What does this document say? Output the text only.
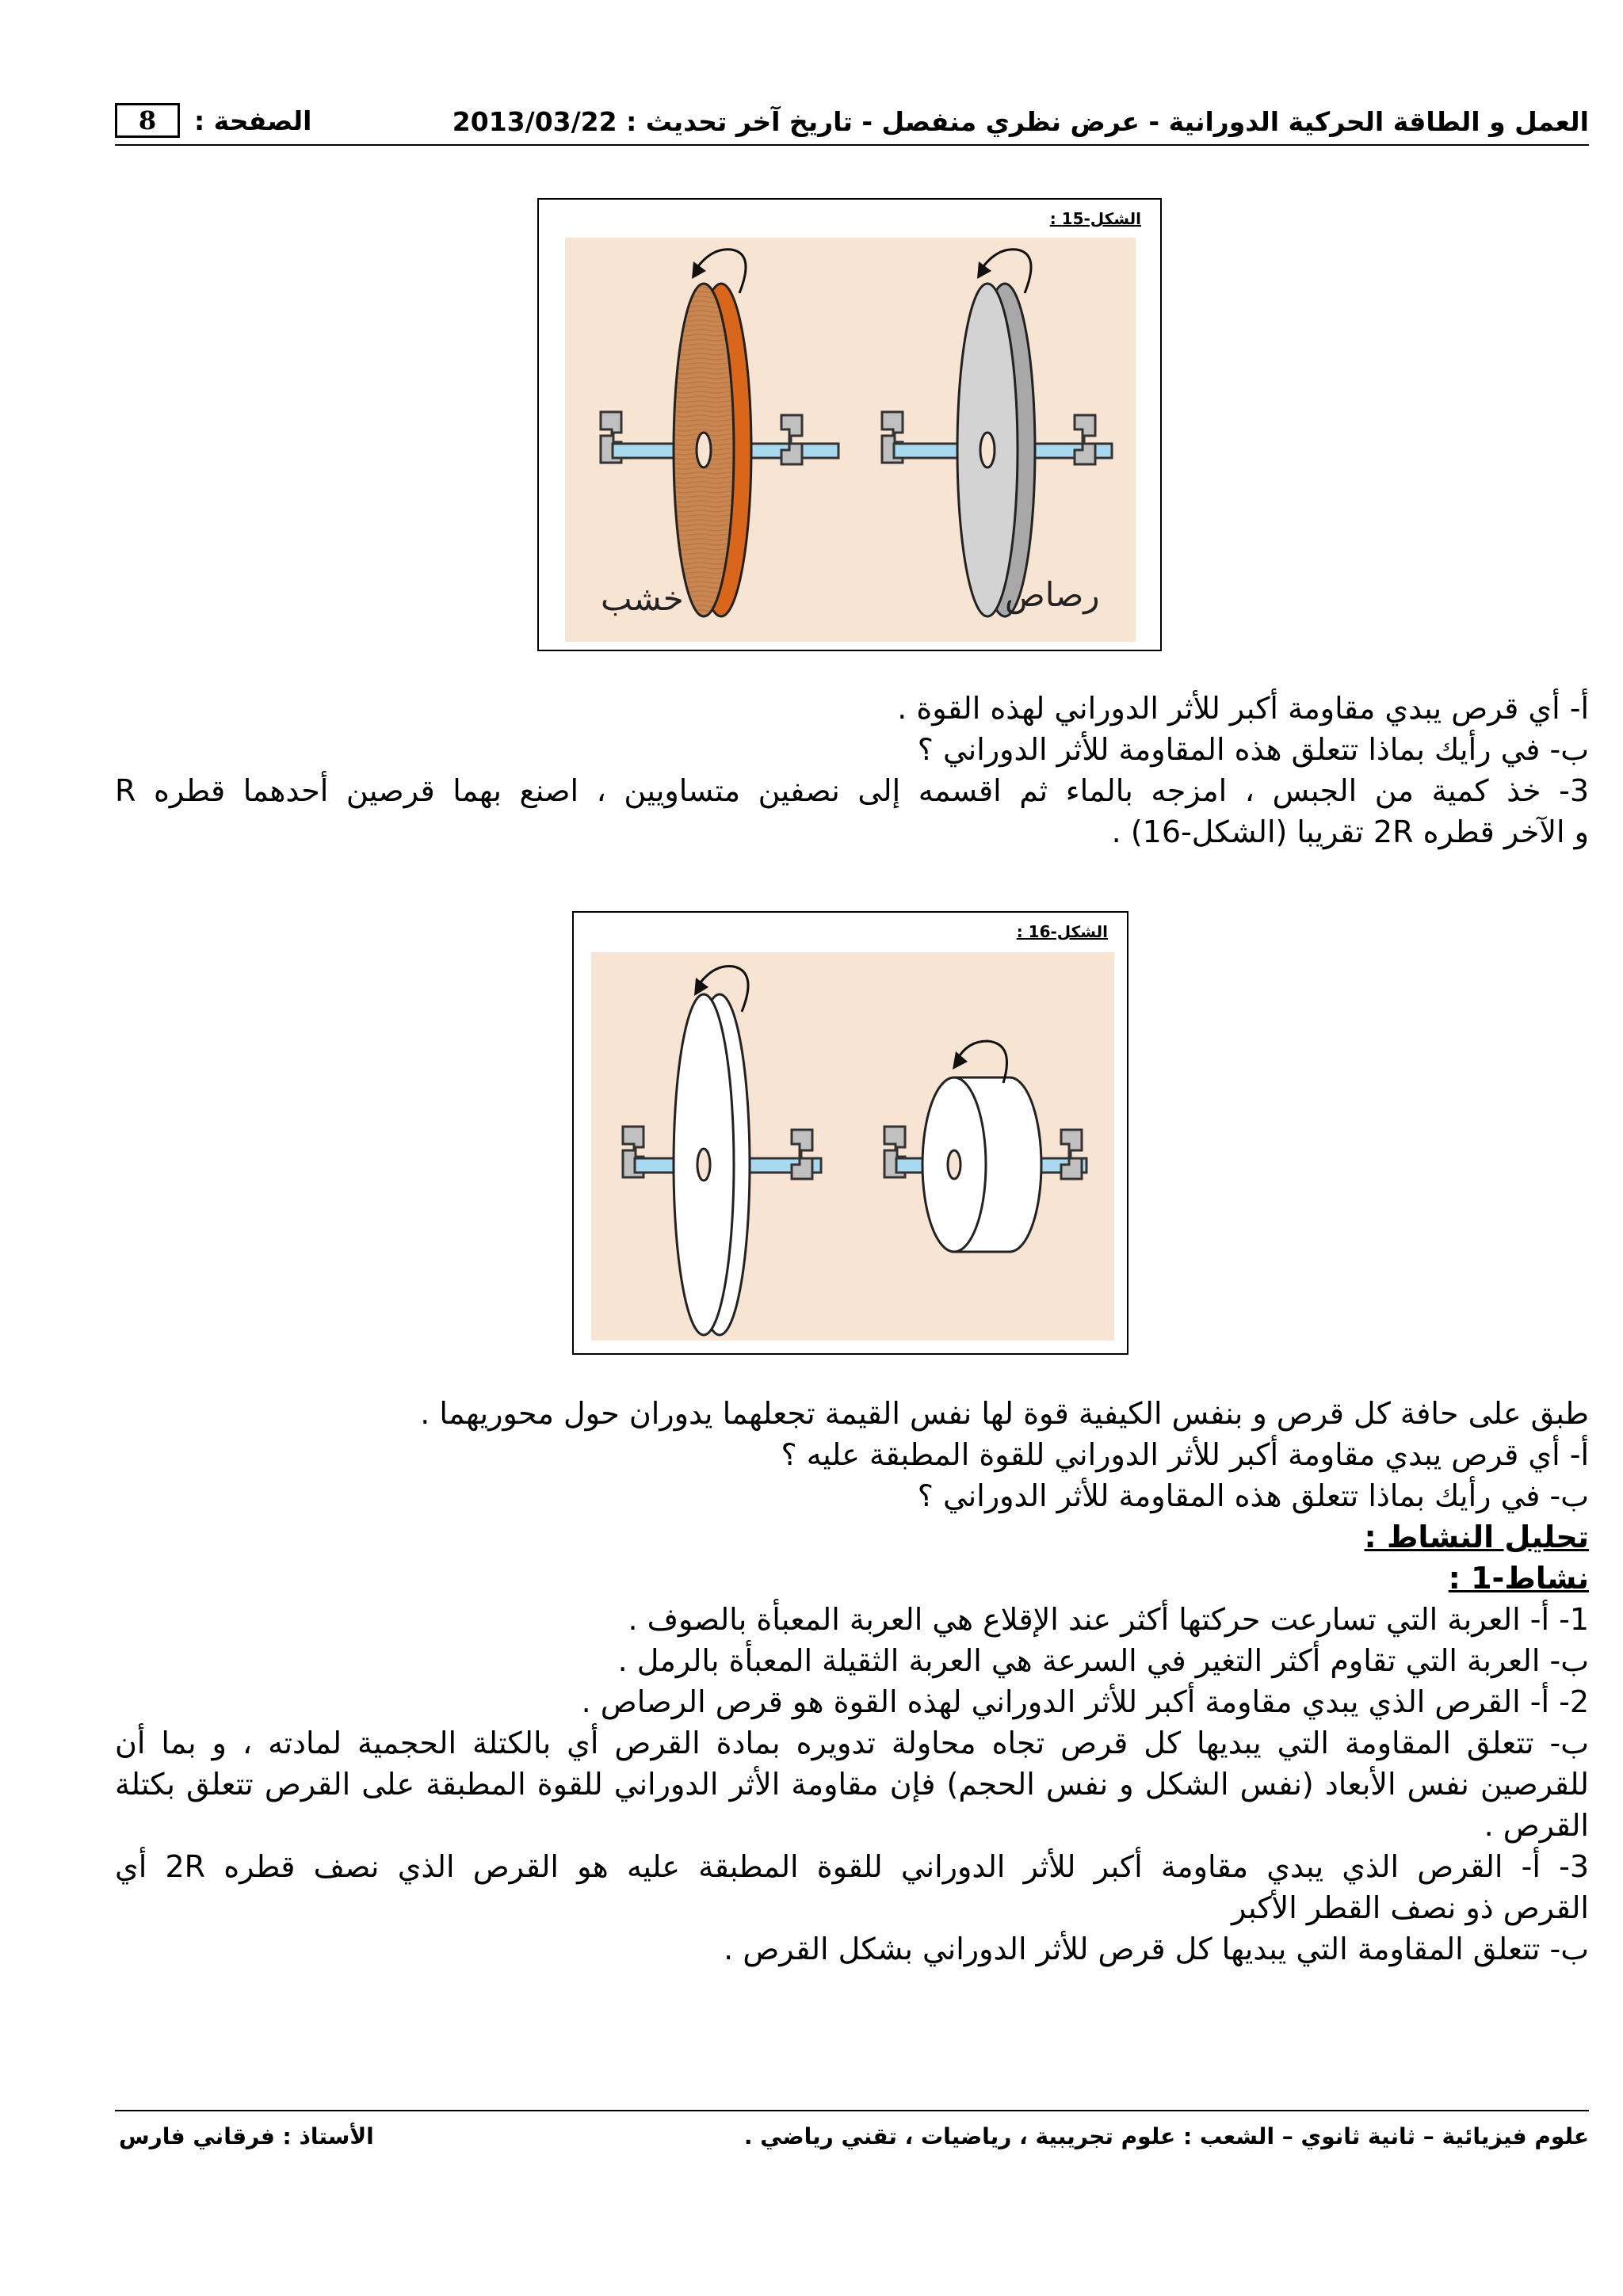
العمل و الطاقة الحركية الدورانية - عرض نظري منفصل - تاريخ آخر تحديث : 2013/03/22
8	الصفحة :
الشكل-15 :
خشب	رصاص
أ- أي قرص يبدي مقاومة أكبر للأثر الدوراني لهذه القوة .
ب- في رأيك بماذا تتعلق هذه المقاومة للأثر الدوراني ؟
3- خذ كمية من الجبس ، امزجه بالماء ثم اقسمه إلى نصفين متساويين ، اصنع بهما قرصين أحدهما قطره R
و الآخر قطره 2R تقريبا (الشكل-16) .
الشكل-16 :
طبق على حافة كل قرص و بنفس الكيفية قوة لها نفس القيمة تجعلهما يدوران حول محوريهما .
أ- أي قرص يبدي مقاومة أكبر للأثر الدوراني للقوة المطبقة عليه ؟
ب- في رأيك بماذا تتعلق هذه المقاومة للأثر الدوراني ؟
تحليل النشاط :
نشاط-1 :
1- أ- العربة التي تسارعت حركتها أكثر عند الإقلاع هي العربة المعبأة بالصوف .
ب- العربة التي تقاوم أكثر التغير في السرعة هي العربة الثقيلة المعبأة بالرمل .
2- أ- القرص الذي يبدي مقاومة أكبر للأثر الدوراني لهذه القوة هو قرص الرصاص .
ب- تتعلق المقاومة التي يبديها كل قرص تجاه محاولة تدويره بمادة القرص أي بالكتلة الحجمية لمادته ، و بما أن
للقرصين نفس الأبعاد (نفس الشكل و نفس الحجم) فإن مقاومة الأثر الدوراني للقوة المطبقة على القرص تتعلق بكتلة
القرص .
3- أ- القرص الذي يبدي مقاومة أكبر للأثر الدوراني للقوة المطبقة عليه هو القرص الذي نصف قطره 2R أي
القرص ذو نصف القطر الأكبر
ب- تتعلق المقاومة التي يبديها كل قرص للأثر الدوراني بشكل القرص .
علوم فيزيائية – ثانية ثانوي – الشعب : علوم تجريبية ، رياضيات ، تقني رياضي .
الأستاذ : فرقاني فارس
